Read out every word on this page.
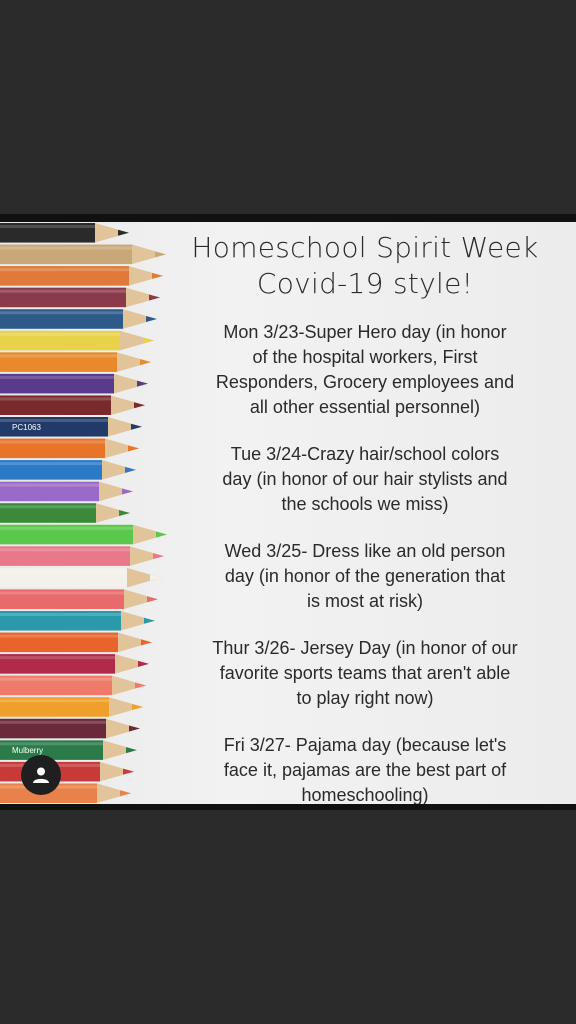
PC1063
Mulberry
Homeschool Spirit Week
Covid-19 style!
Mon 3/23-Super Hero day (in honor
of the hospital workers, First
Responders, Grocery employees and
all other essential personnel)
Tue 3/24-Crazy hair/school colors
day (in honor of our hair stylists and
the schools we miss)
Wed 3/25- Dress like an old person
day (in honor of the generation that
is most at risk)
Thur 3/26- Jersey Day (in honor of our
favorite sports teams that aren't able
to play right now)
Fri 3/27- Pajama day (because let's
face it, pajamas are the best part of
homeschooling)
